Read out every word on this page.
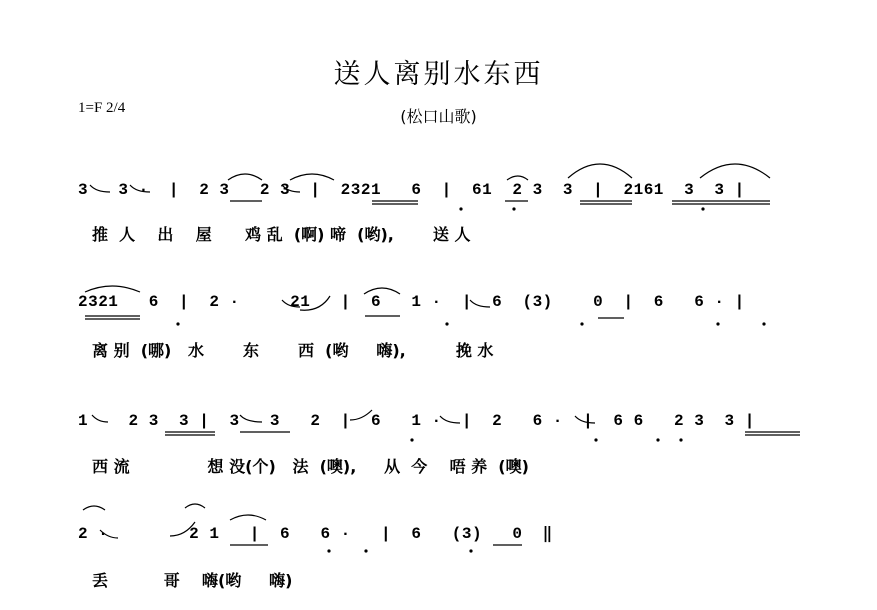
送人离别水东西
(松口山歌)
1=F 2/4
3   3 ·  |  2 3   2 3  |  2321   6  |  61  2 3  3  |  2161  3  3 |
推  人    出    屋      鸡 乱  (啊) 啼  (哟),       送 人
2321   6  |  2 ·     21   |  6   1 ·  |  6  (3)    0  |  6   6 · |
离 别  (哪)   水       东       西  (哟     嗨),         挽 水
1    2 3  3 |  3   3   2  |  6   1 ·  |  2   6 ·  |  6 6   2 3  3 |
西 流              想 没(个)   法  (噢),     从  今    唔 养  (噢)
2 ·        2 1   |  6   6 ·   |  6   (3)   0  ‖
丢          哥    嗨(哟     嗨)
